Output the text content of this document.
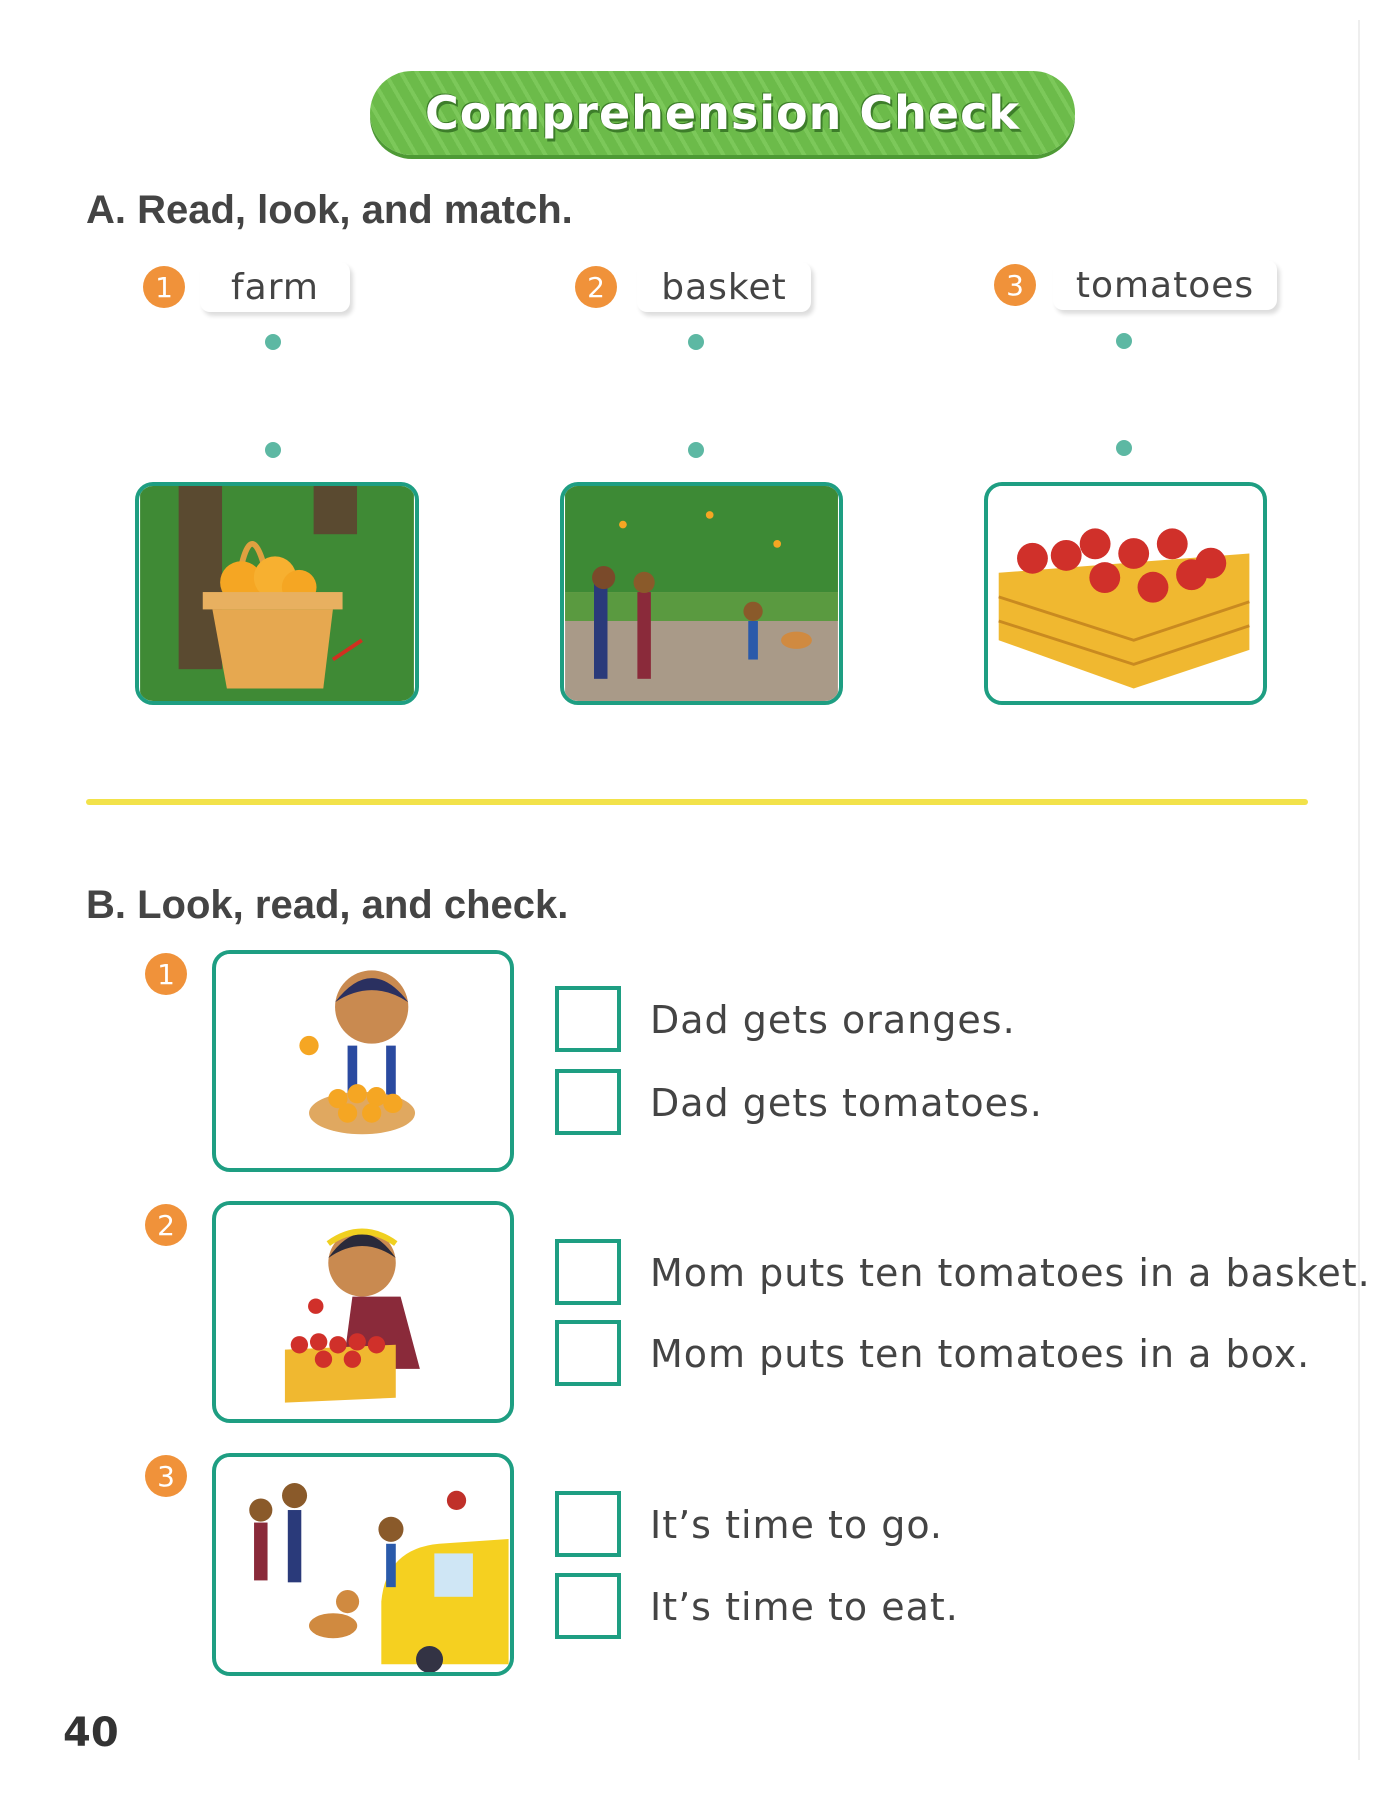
Comprehension Check
A. Read, look, and match.
1	farm	2	basket	3	tomatoes
B. Look, read, and check.
1
Dad gets oranges.
Dad gets tomatoes.
2
Mom puts ten tomatoes in a basket.
Mom puts ten tomatoes in a box.
3
It’s time to go.
It’s time to eat.
40
